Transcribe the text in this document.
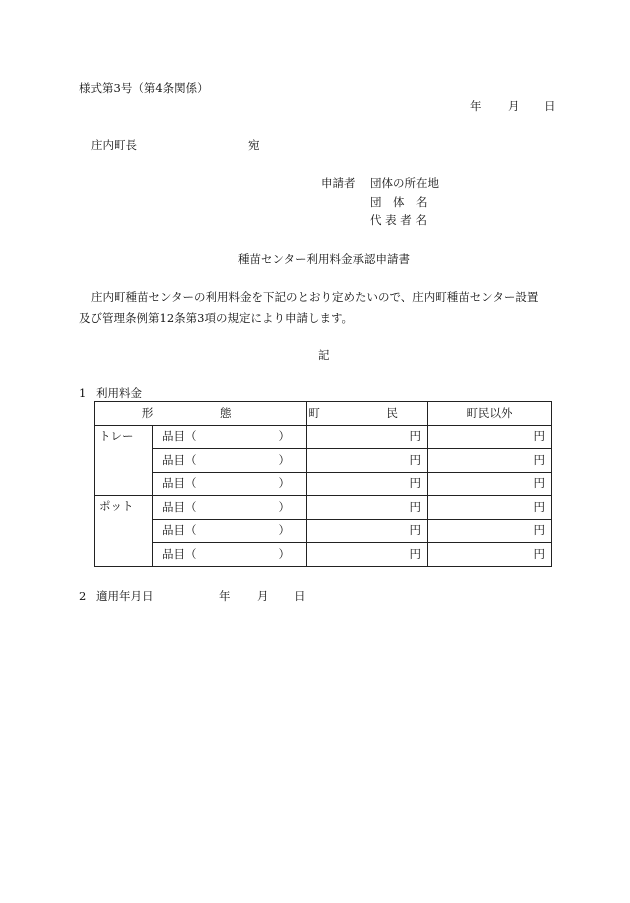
様式第3号（第4条関係）
年 月 日
庄内町長	宛
申請者 団体の所在地
団　体　名
代 表 者 名
種苗センター利用料金承認申請書
庄内町種苗センターの利用料金を下記のとおり定めたいので、庄内町種苗センター設置
及び管理条例第12条第3項の規定により申請します。
記
1 利用料金
形　態		町　民	町民以外
トレー	品目（ ）	円	円

	品目（ ）	円	円

	品目（ ）	円	円
ポット	品目（ ）	円	円

	品目（ ）	円	円

	品目（ ）	円	円
2 適用年月日	年 月 日
